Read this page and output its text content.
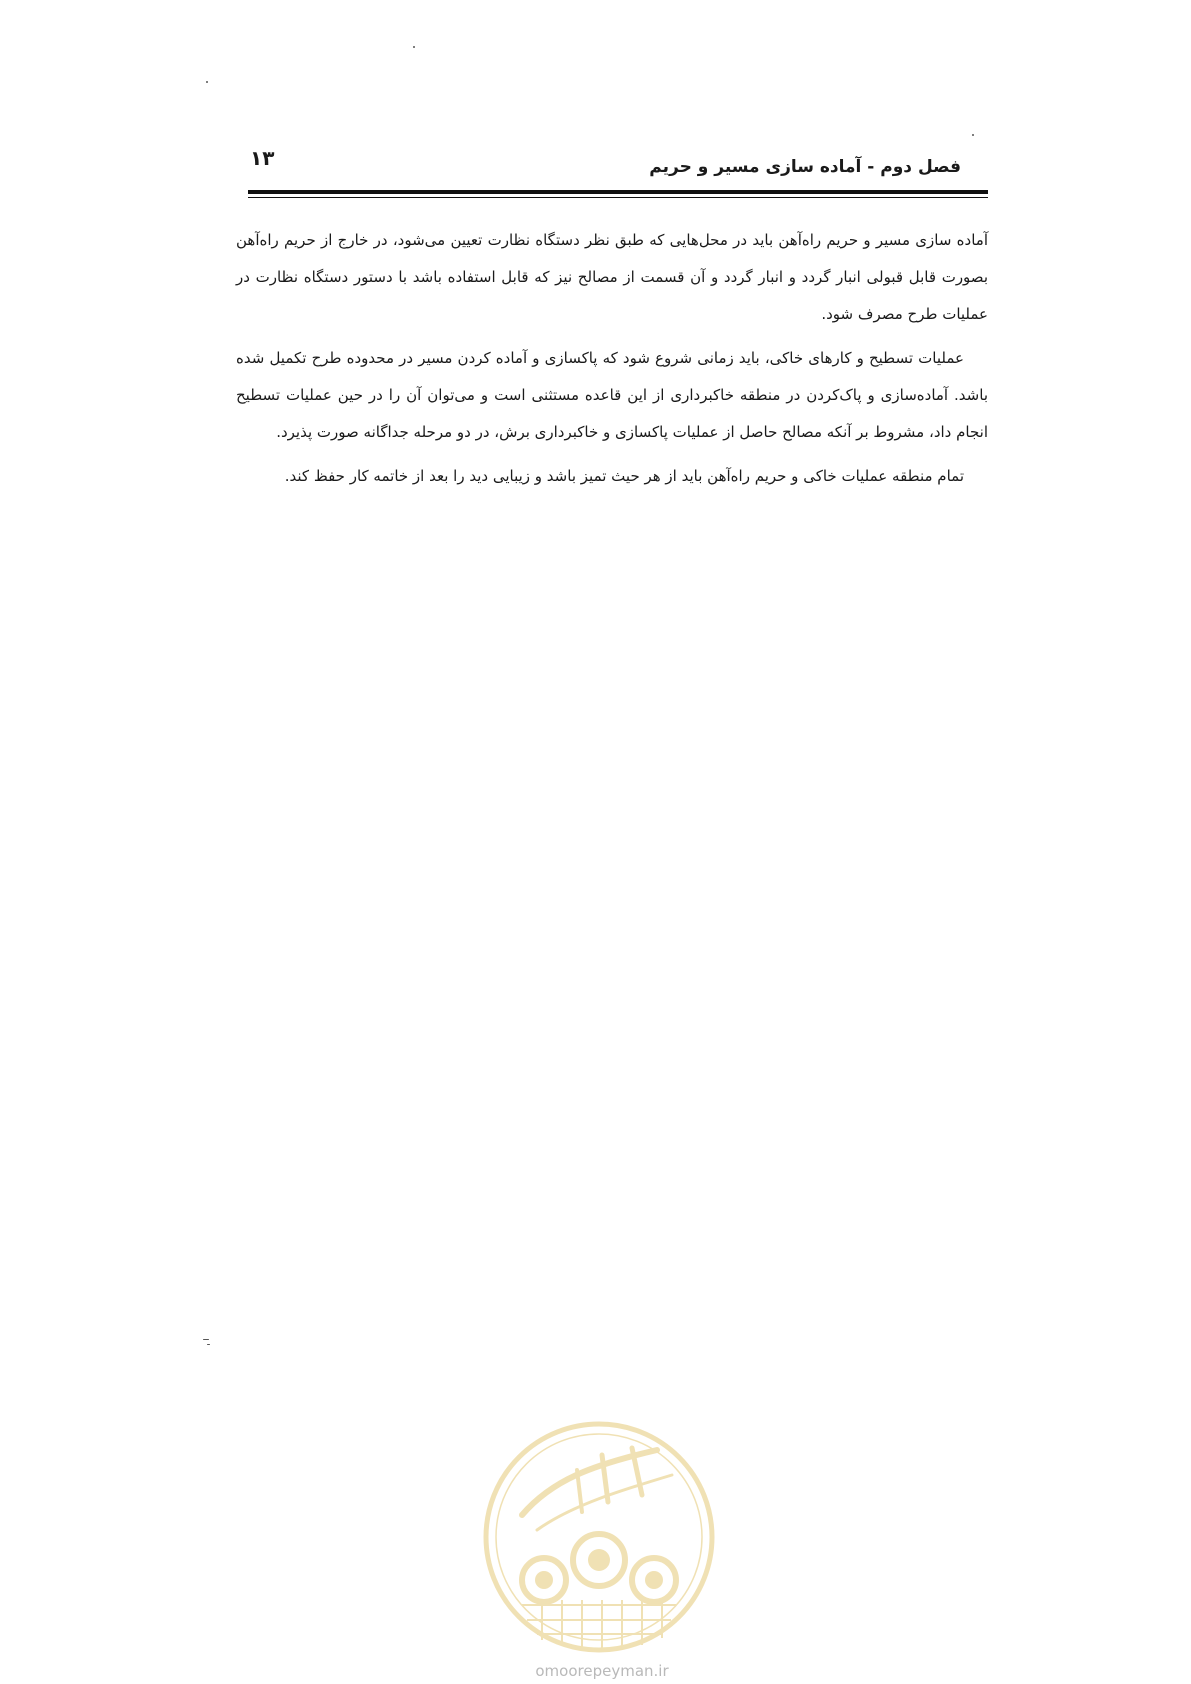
۱۳	فصل دوم - آماده سازی مسیر و حریم

آماده سازی مسیر و حریم راه‌آهن باید در محل‌هایی که طبق نظر دستگاه نظارت تعیین می‌شود، در خارج از حریم راه‌آهن بصورت قابل قبولی انبار گردد و انبار گردد و آن قسمت از مصالح نیز که قابل استفاده باشد با دستور دستگاه نظارت در عملیات طرح مصرف شود.

عملیات تسطیح و کارهای خاکی، باید زمانی شروع شود که پاکسازی و آماده کردن مسیر در محدوده طرح تکمیل شده باشد. آماده‌سازی و پاک‌کردن در منطقه خاکبرداری از این قاعده مستثنی است و می‌توان آن را در حین عملیات تسطیح انجام داد، مشروط بر آنکه مصالح حاصل از عملیات پاکسازی و خاکبرداری برش، در دو مرحله جداگانه صورت پذیرد.

تمام منطقه عملیات خاکی و حریم راه‌آهن باید از هر حیث تمیز باشد و زیبایی دید را بعد از خاتمه کار حفظ کند.

omoorepeyman.ir
